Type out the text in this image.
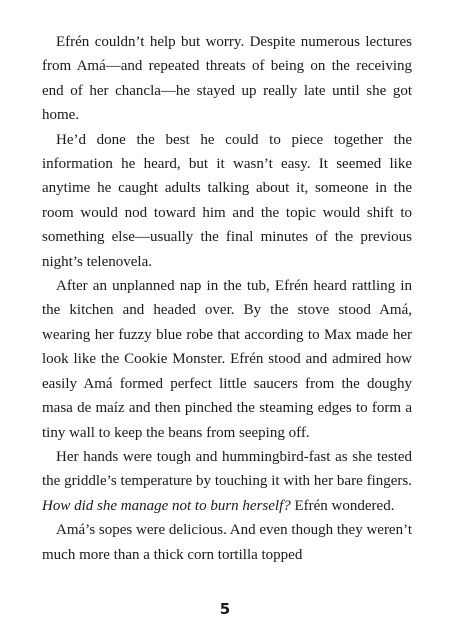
Efrén couldn’t help but worry. Despite numerous lectures from Amá—and repeated threats of being on the receiving end of her chancla—he stayed up really late until she got home.

He’d done the best he could to piece together the information he heard, but it wasn’t easy. It seemed like anytime he caught adults talking about it, someone in the room would nod toward him and the topic would shift to something else—usually the final minutes of the previous night’s telenovela.

After an unplanned nap in the tub, Efrén heard rattling in the kitchen and headed over. By the stove stood Amá, wearing her fuzzy blue robe that according to Max made her look like the Cookie Monster. Efrén stood and admired how easily Amá formed perfect little saucers from the doughy masa de maíz and then pinched the steaming edges to form a tiny wall to keep the beans from seeping off.

Her hands were tough and hummingbird-fast as she tested the griddle’s temperature by touching it with her bare fingers. How did she manage not to burn herself? Efrén wondered.

Amá’s sopes were delicious. And even though they weren’t much more than a thick corn tortilla topped

5
